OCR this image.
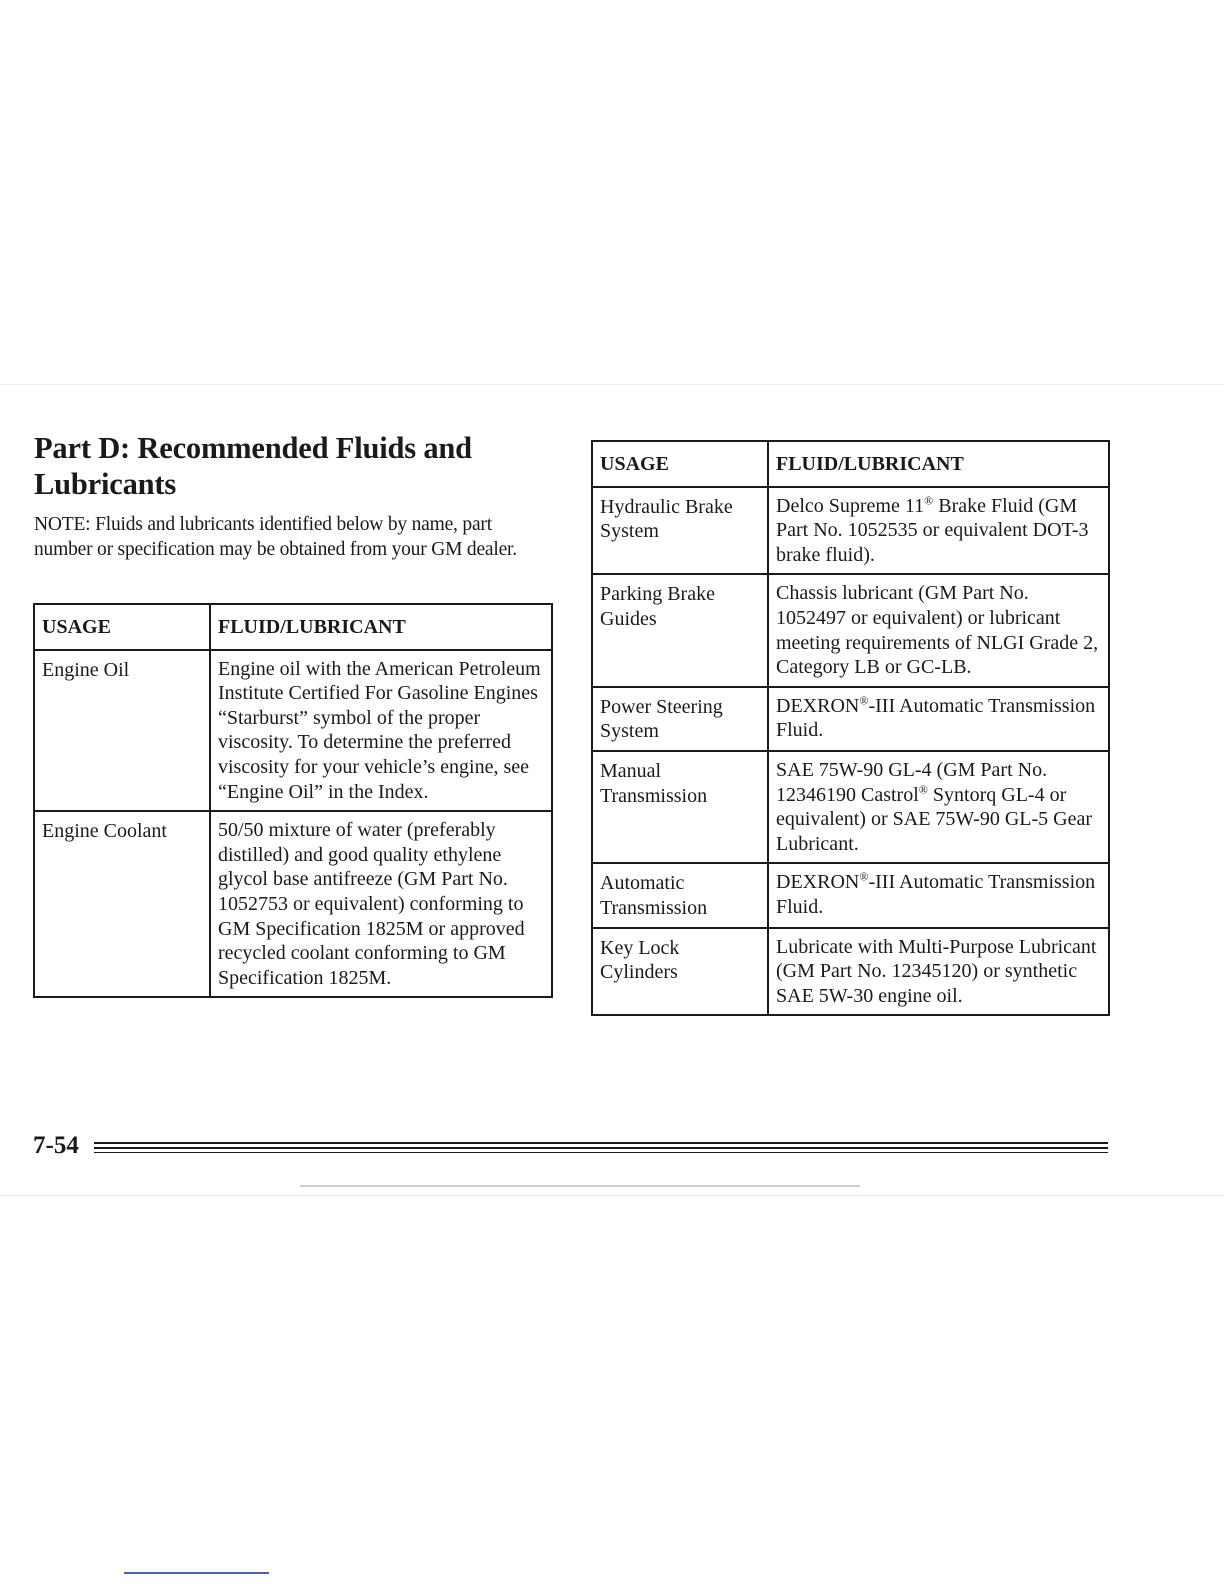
Part D: Recommended Fluids and Lubricants

NOTE: Fluids and lubricants identified below by name, part number or specification may be obtained from your GM dealer.

USAGE	FLUID/LUBRICANT
Engine Oil	Engine oil with the American Petroleum Institute Certified For Gasoline Engines “Starburst” symbol of the proper viscosity. To determine the preferred viscosity for your vehicle’s engine, see “Engine Oil” in the Index.
Engine Coolant	50/50 mixture of water (preferably distilled) and good quality ethylene glycol base antifreeze (GM Part No. 1052753 or equivalent) conforming to GM Specification 1825M or approved recycled coolant conforming to GM Specification 1825M.
USAGE	FLUID/LUBRICANT
Hydraulic Brake System	Delco Supreme 11® Brake Fluid (GM Part No. 1052535 or equivalent DOT-3 brake fluid).
Parking Brake Guides	Chassis lubricant (GM Part No. 1052497 or equivalent) or lubricant meeting requirements of NLGI Grade 2, Category LB or GC-LB.
Power Steering System	DEXRON®-III Automatic Transmission Fluid.
Manual Transmission	SAE 75W-90 GL-4 (GM Part No. 12346190 Castrol® Syntorq GL-4 or equivalent) or SAE 75W-90 GL-5 Gear Lubricant.
Automatic Transmission	DEXRON®-III Automatic Transmission Fluid.
Key Lock Cylinders	Lubricate with Multi-Purpose Lubricant (GM Part No. 12345120) or synthetic SAE 5W-30 engine oil.

7-54
